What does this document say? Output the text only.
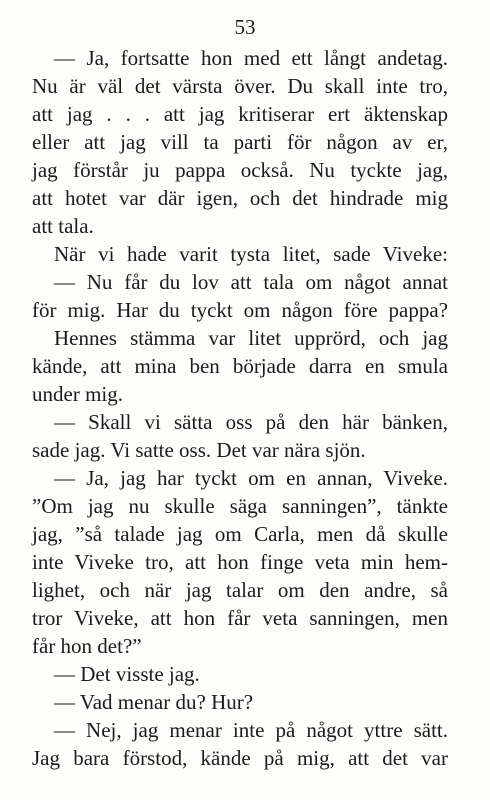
53
— Ja, fortsatte hon med ett långt andetag.
Nu är väl det värsta över. Du skall inte tro,
att jag . . . att jag kritiserar ert äktenskap
eller att jag vill ta parti för någon av er,
jag förstår ju pappa också. Nu tyckte jag,
att hotet var där igen, och det hindrade mig
att tala.
När vi hade varit tysta litet, sade Viveke:
— Nu får du lov att tala om något annat
för mig. Har du tyckt om någon före pappa?
Hennes stämma var litet upprörd, och jag
kände, att mina ben började darra en smula
under mig.
— Skall vi sätta oss på den här bänken,
sade jag. Vi satte oss. Det var nära sjön.
— Ja, jag har tyckt om en annan, Viveke.
”Om jag nu skulle säga sanningen”, tänkte
jag, ”så talade jag om Carla, men då skulle
inte Viveke tro, att hon finge veta min hem-
lighet, och när jag talar om den andre, så
tror Viveke, att hon får veta sanningen, men
får hon det?”
— Det visste jag.
— Vad menar du? Hur?
— Nej, jag menar inte på något yttre sätt.
Jag bara förstod, kände på mig, att det var
